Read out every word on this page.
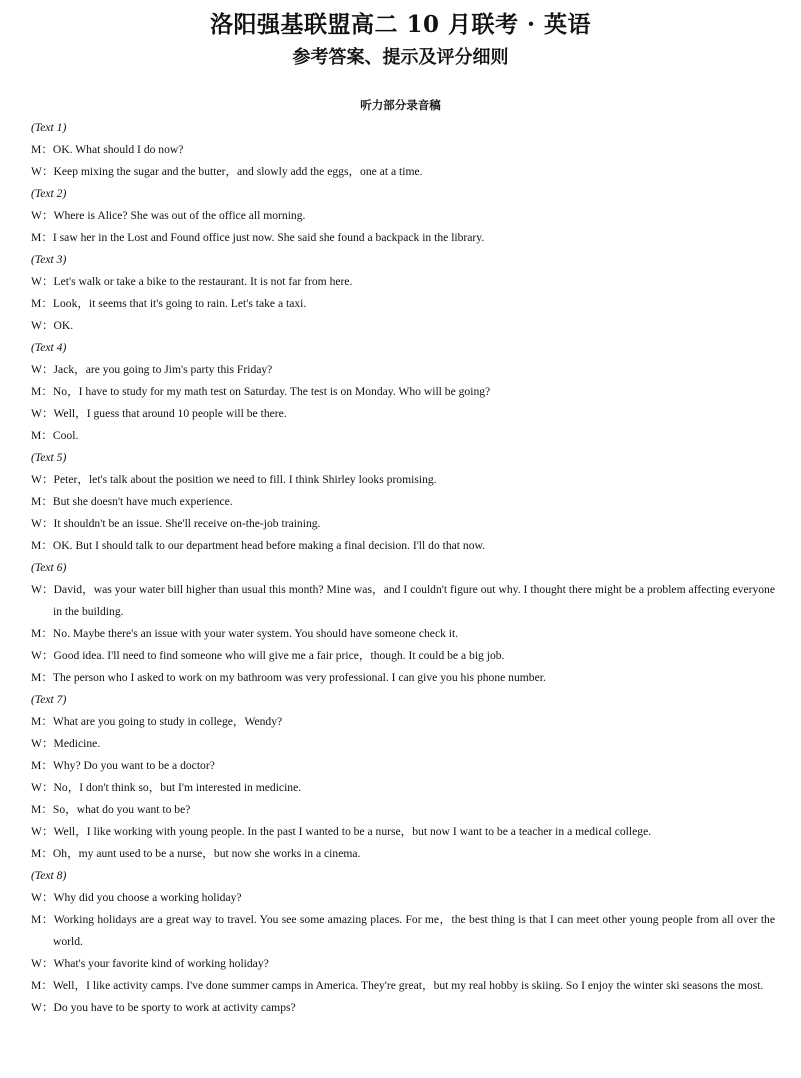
洛阳强基联盟高二 10 月联考 · 英语
参考答案、提示及评分细则
听力部分录音稿
(Text 1)
M：OK. What should I do now?
W：Keep mixing the sugar and the butter，and slowly add the eggs，one at a time.
(Text 2)
W：Where is Alice? She was out of the office all morning.
M：I saw her in the Lost and Found office just now. She said she found a backpack in the library.
(Text 3)
W：Let's walk or take a bike to the restaurant. It is not far from here.
M：Look，it seems that it's going to rain. Let's take a taxi.
W：OK.
(Text 4)
W：Jack，are you going to Jim's party this Friday?
M：No，I have to study for my math test on Saturday. The test is on Monday. Who will be going?
W：Well，I guess that around 10 people will be there.
M：Cool.
(Text 5)
W：Peter，let's talk about the position we need to fill. I think Shirley looks promising.
M：But she doesn't have much experience.
W：It shouldn't be an issue. She'll receive on-the-job training.
M：OK. But I should talk to our department head before making a final decision. I'll do that now.
(Text 6)
W：David，was your water bill higher than usual this month? Mine was，and I couldn't figure out why. I thought there might be a problem affecting everyone in the building.
M：No. Maybe there's an issue with your water system. You should have someone check it.
W：Good idea. I'll need to find someone who will give me a fair price，though. It could be a big job.
M：The person who I asked to work on my bathroom was very professional. I can give you his phone number.
(Text 7)
M：What are you going to study in college，Wendy?
W：Medicine.
M：Why? Do you want to be a doctor?
W：No，I don't think so，but I'm interested in medicine.
M：So，what do you want to be?
W：Well，I like working with young people. In the past I wanted to be a nurse，but now I want to be a teacher in a medical college.
M：Oh，my aunt used to be a nurse，but now she works in a cinema.
(Text 8)
W：Why did you choose a working holiday?
M：Working holidays are a great way to travel. You see some amazing places. For me，the best thing is that I can meet other young people from all over the world.
W：What's your favorite kind of working holiday?
M：Well，I like activity camps. I've done summer camps in America. They're great，but my real hobby is skiing. So I enjoy the winter ski seasons the most.
W：Do you have to be sporty to work at activity camps?
